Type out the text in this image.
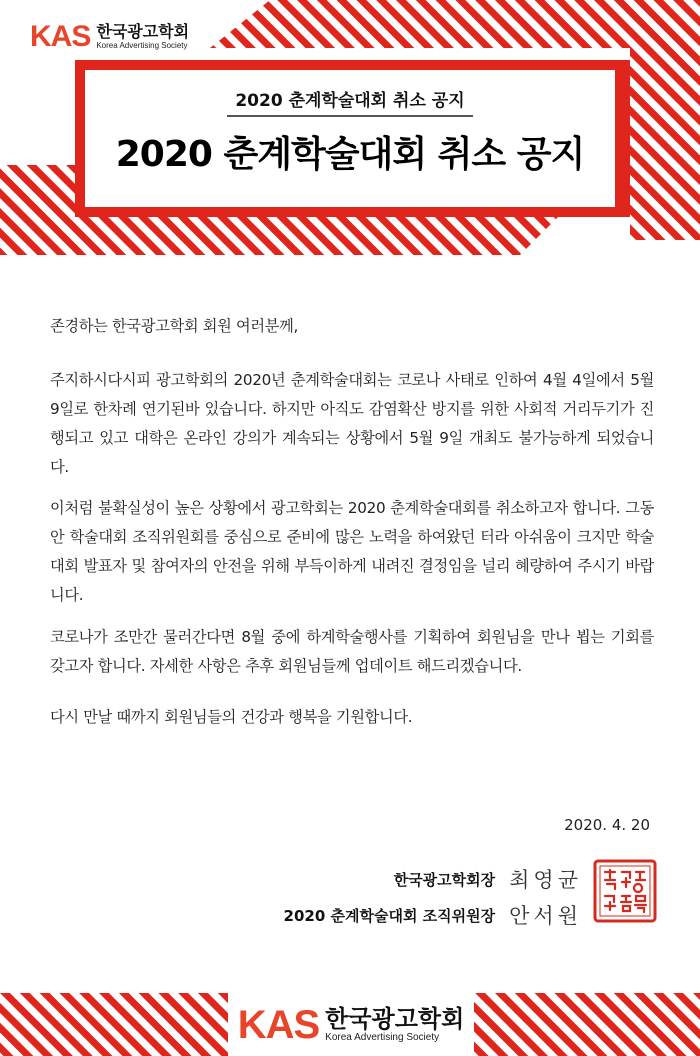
KAS 한국광고학회
Korea Advertising Society
2020 춘계학술대회 취소 공지
2020 춘계학술대회 취소 공지
존경하는 한국광고학회 회원 여러분께,
주지하시다시피 광고학회의 2020년 춘계학술대회는 코로나 사태로 인하여 4월 4일에서 5월 9일로 한차례 연기된바 있습니다. 하지만 아직도 감염확산 방지를 위한 사회적 거리두기가 진행되고 있고 대학은 온라인 강의가 계속되는 상황에서 5월 9일 개최도 불가능하게 되었습니다.
이처럼 불확실성이 높은 상황에서 광고학회는 2020 춘계학술대회를 취소하고자 합니다. 그동안 학술대회 조직위원회를 중심으로 준비에 많은 노력을 하여왔던 터라 아쉬움이 크지만 학술대회 발표자 및 참여자의 안전을 위해 부득이하게 내려진 결정임을 널리 혜량하여 주시기 바랍니다.
코로나가 조만간 물러간다면 8월 중에 하계학술행사를 기획하여 회원님을 만나 뵙는 기회를 갖고자 합니다. 자세한 사항은 추후 회원님들께 업데이트 해드리겠습니다.
다시 만날 때까지 회원님들의 건강과 행복을 기원합니다.
2020. 4. 20
한국광고학회장 최영균
2020 춘계학술대회 조직위원장 안서원
KAS 한국광고학회
Korea Advertising Society
